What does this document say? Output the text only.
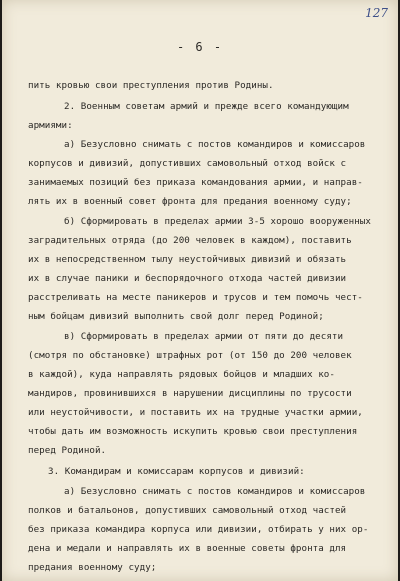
127
- 6 -
пить кровью свои преступления против Родины.
2. Военным советам армий и прежде всего командующим
армиями:
а) Безусловно снимать с постов командиров и комиссаров
корпусов и дивизий, допустивших самовольный отход войск с
занимаемых позиций без приказа командования армии, и направ-
лять их в военный совет фронта для предания военному суду;
б) Сформировать в пределах армии 3-5 хорошо вооруженных
заградительных отряда (до 200 человек в каждом), поставить
их в непосредственном тылу неустойчивых дивизий и обязать
их в случае паники и беспорядочного отхода частей дивизии
расстреливать на месте паникеров и трусов и тем помочь чест-
ным бойцам дивизий выполнить свой долг перед Родиной;
в) Сформировать в пределах армии от пяти до десяти
(смотря по обстановке) штрафных рот (от 150 до 200 человек
в каждой), куда направлять рядовых бойцов и младших ко-
мандиров, провинившихся в нарушении дисциплины по трусости
или неустойчивости, и поставить их на трудные участки армии,
чтобы дать им возможность искупить кровью свои преступления
перед Родиной.
3. Командирам и комиссарам корпусов и дивизий:
а) Безусловно снимать с постов командиров и комиссаров
полков и батальонов, допустивших самовольный отход частей
без приказа командира корпуса или дивизии, отбирать у них ор-
дена и медали и направлять их в военные советы фронта для
предания военному суду;
